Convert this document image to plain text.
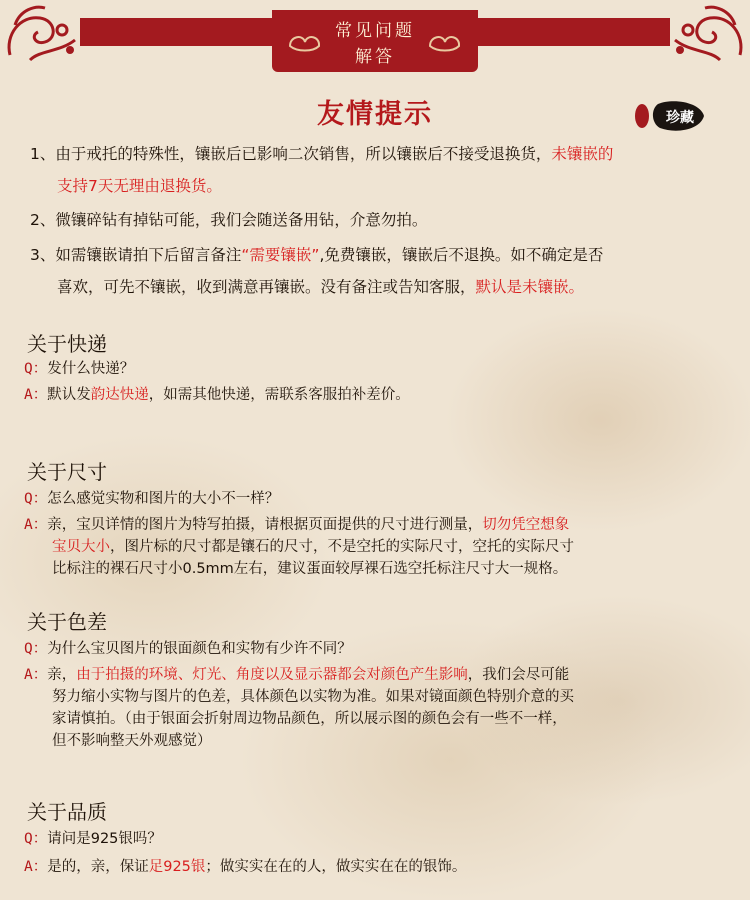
常见问题
解答
友情提示	珍藏
1、由于戒托的特殊性，镶嵌后已影响二次销售，所以镶嵌后不接受退换货，未镶嵌的
支持7天无理由退换货。
2、微镶碎钻有掉钻可能，我们会随送备用钻，介意勿拍。
3、如需镶嵌请拍下后留言备注“需要镶嵌”,免费镶嵌，镶嵌后不退换。如不确定是否
喜欢，可先不镶嵌，收到满意再镶嵌。没有备注或告知客服，默认是未镶嵌。
关于快递
Q：发什么快递？
A：默认发韵达快递，如需其他快递，需联系客服拍补差价。
关于尺寸
Q：怎么感觉实物和图片的大小不一样？
A：亲，宝贝详情的图片为特写拍摄，请根据页面提供的尺寸进行测量，切勿凭空想象
宝贝大小，图片标的尺寸都是镶石的尺寸，不是空托的实际尺寸，空托的实际尺寸
比标注的裸石尺寸小0.5mm左右，建议蛋面较厚裸石选空托标注尺寸大一规格。
关于色差
Q：为什么宝贝图片的银面颜色和实物有少许不同？
A：亲，由于拍摄的环境、灯光、角度以及显示器都会对颜色产生影响，我们会尽可能
努力缩小实物与图片的色差，具体颜色以实物为准。如果对镜面颜色特别介意的买
家请慎拍。（由于银面会折射周边物品颜色，所以展示图的颜色会有一些不一样，
但不影响整天外观感觉）
关于品质
Q：请问是925银吗？
A：是的，亲，保证足925银；做实实在在的人，做实实在在的银饰。
